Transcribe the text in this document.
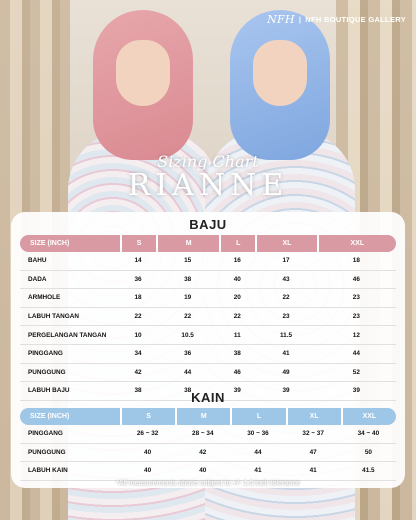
NFH | NFH BOUTIQUE GALLERY
Sizing Chart
RIANNE
BAJU
SIZE (INCH)	S	M	L	XL	XXL
BAHU	14	15	16	17	18
DADA	36	38	40	43	46
ARMHOLE	18	19	20	22	23
LABUH TANGAN	22	22	22	23	23
PERGELANGAN TANGAN	10	10.5	11	11.5	12
PINGGANG	34	36	38	41	44
PUNGGUNG	42	44	46	49	52
LABUH BAJU	38	38	39	39	39
KAIN
SIZE (INCH)	S	M	L	XL	XXL
PINGGANG	26 ~ 32	28 ~ 34	30 ~ 36	32 ~ 37	34 ~ 40
PUNGGUNG	40	42	44	47	50
LABUH KAIN	40	40	41	41	41.5
*All measurements above subject to +/- 1.0 inch tolerance
